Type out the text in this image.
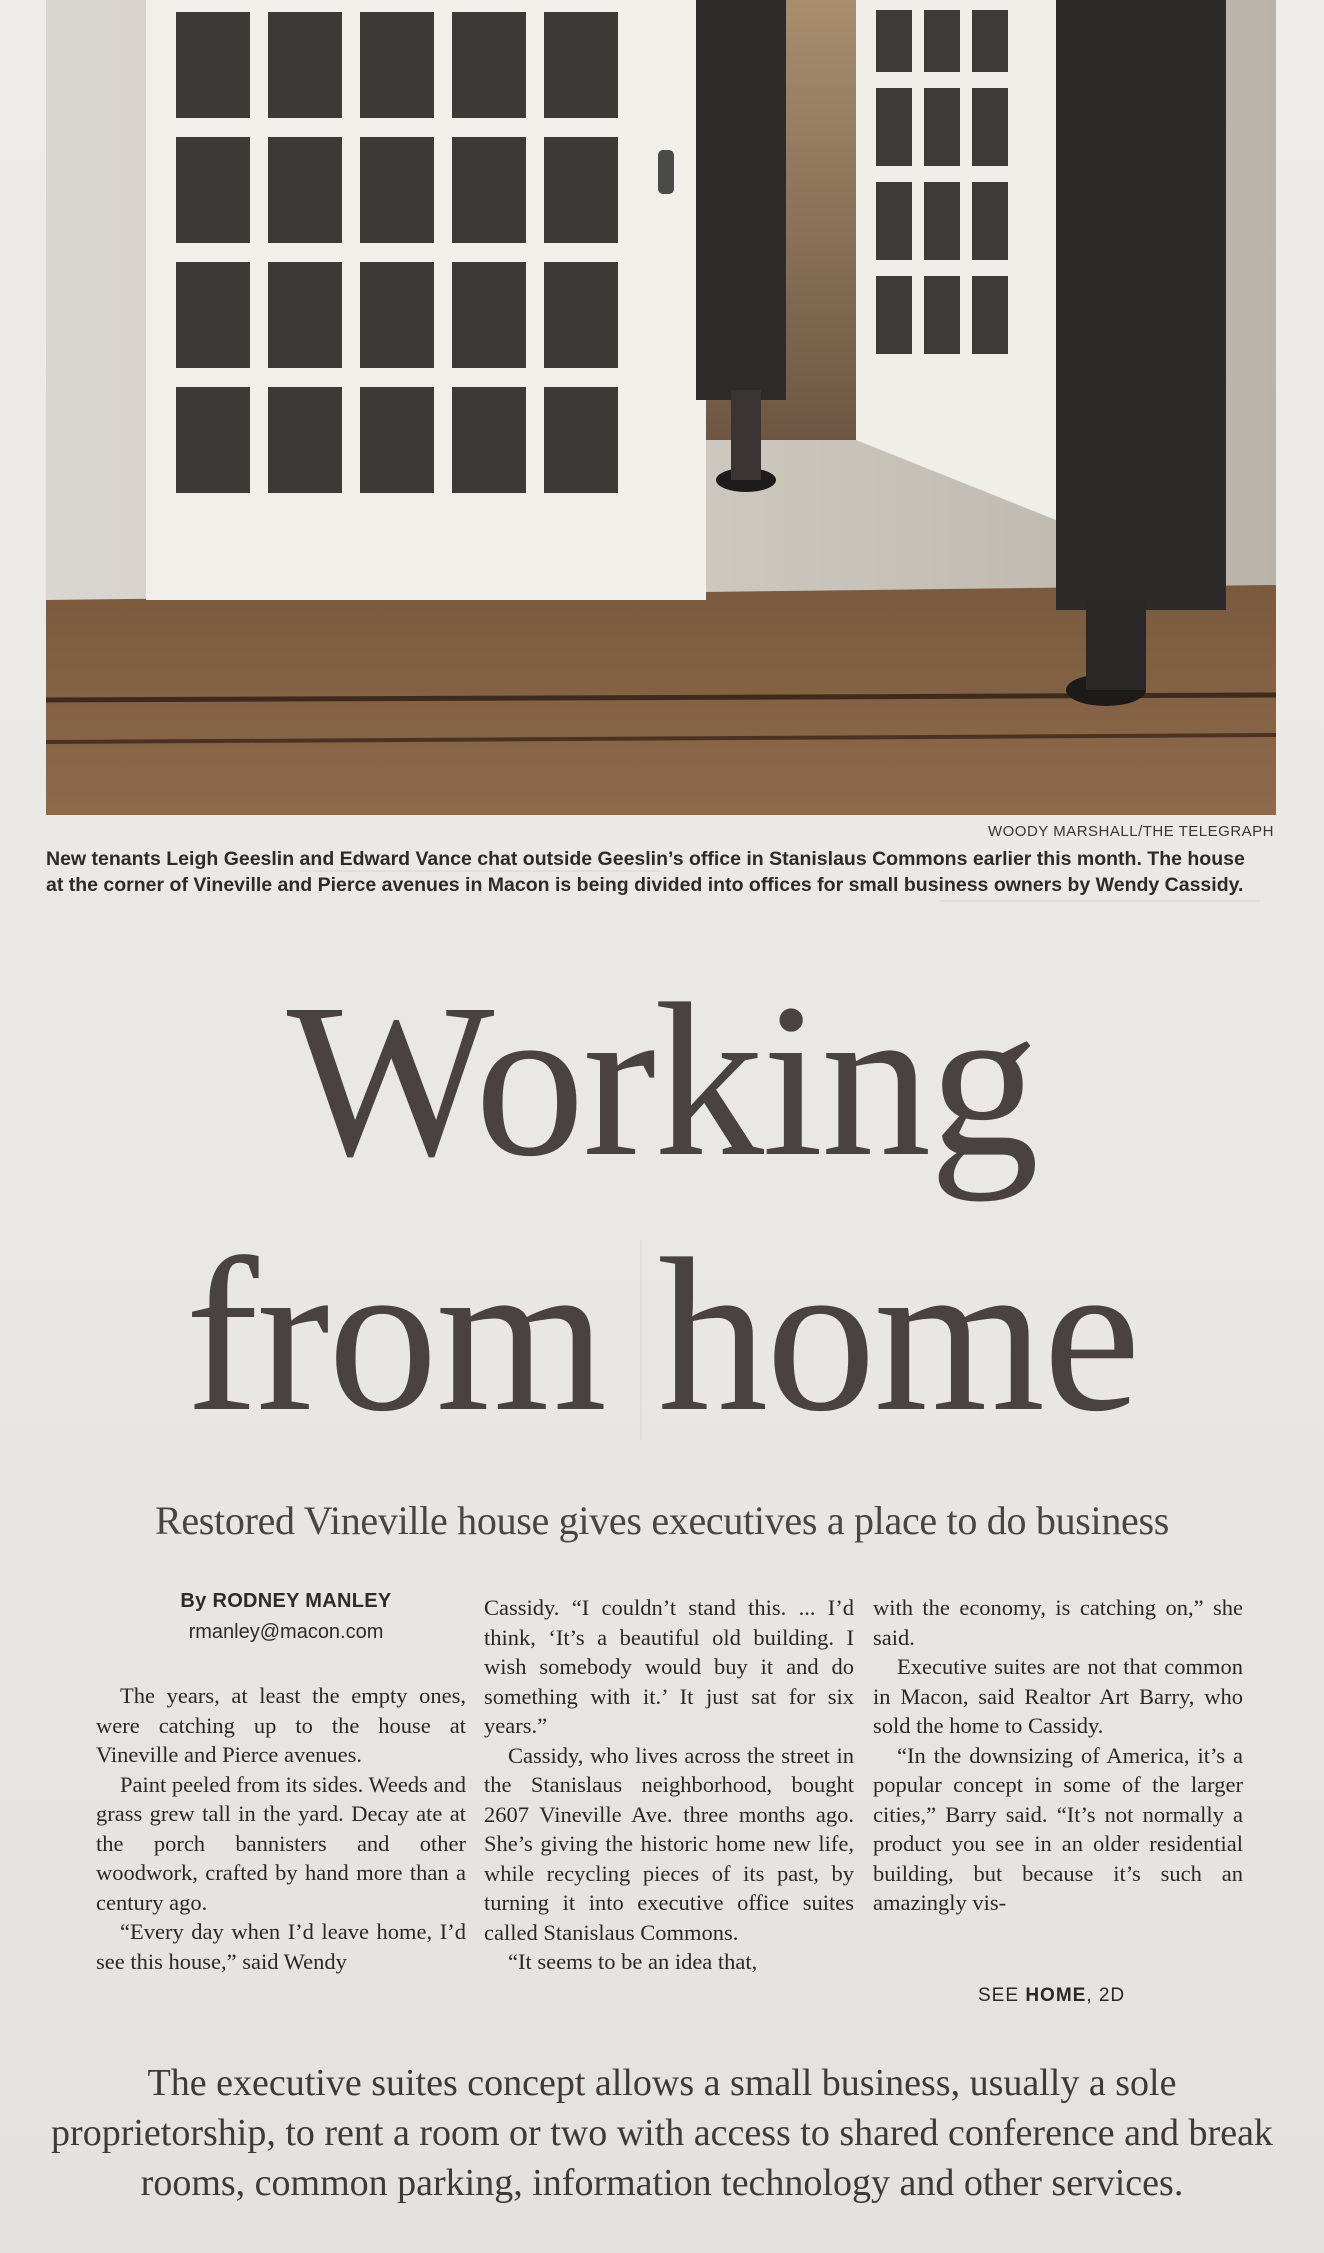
WOODY MARSHALL/THE TELEGRAPH
New tenants Leigh Geeslin and Edward Vance chat outside Geeslin’s office in Stanislaus Commons earlier this month. The house at the corner of Vineville and Pierce avenues in Macon is being divided into offices for small business owners by Wendy Cassidy.
Working
from home
Restored Vineville house gives executives a place to do business
By RODNEY MANLEY
rmanley@macon.com

The years, at least the empty ones, were catching up to the house at Vineville and Pierce avenues.

Paint peeled from its sides. Weeds and grass grew tall in the yard. Decay ate at the porch bannisters and other woodwork, crafted by hand more than a century ago.

“Every day when I’d leave home, I’d see this house,” said Wendy

Cassidy. “I couldn’t stand this. ... I’d think, ‘It’s a beautiful old building. I wish somebody would buy it and do something with it.’ It just sat for six years.”

Cassidy, who lives across the street in the Stanislaus neighborhood, bought 2607 Vineville Ave. three months ago. She’s giving the historic home new life, while recycling pieces of its past, by turning it into executive office suites called Stanislaus Commons.

“It seems to be an idea that,

with the economy, is catching on,” she said.

Executive suites are not that common in Macon, said Realtor Art Barry, who sold the home to Cassidy.

“In the downsizing of America, it’s a popular concept in some of the larger cities,” Barry said. “It’s not normally a product you see in an older residential building, but because it’s such an amazingly vis-

SEE HOME, 2D
The executive suites concept allows a small business, usually a sole proprietorship, to rent a room or two with access to shared conference and break rooms, common parking, information technology and other services.
